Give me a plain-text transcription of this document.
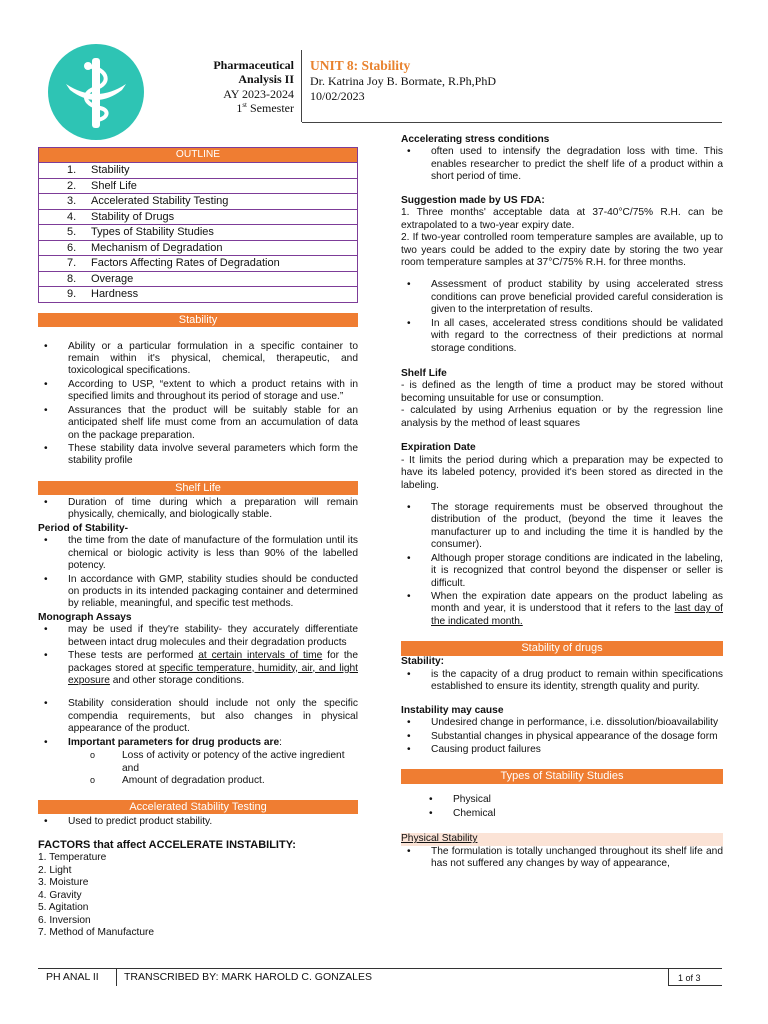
Pharmaceutical
Analysis II
AY 2023-2024
1st Semester
UNIT 8: Stability
Dr. Katrina Joy B. Bormate, R.Ph,PhD
10/02/2023
OUTLINE
1. Stability
2. Shelf Life
3. Accelerated Stability Testing
4. Stability of Drugs
5. Types of Stability Studies
6. Mechanism of Degradation
7. Factors Affecting Rates of Degradation
8. Overage
9. Hardness
Stability
• Ability or a particular formulation in a specific container to remain within it's physical, chemical, therapeutic, and toxicological specifications.
• According to USP, “extent to which a product retains with in specified limits and throughout its period of storage and use.”
• Assurances that the product will be suitably stable for an anticipated shelf life must come from an accumulation of data on the package preparation.
• These stability data involve several parameters which form the stability profile
Shelf Life
• Duration of time during which a preparation will remain physically, chemically, and biologically stable.

Period of Stability-

• the time from the date of manufacture of the formulation until its chemical or biologic activity is less than 90% of the labelled potency.
• In accordance with GMP, stability studies should be conducted on products in its intended packaging container and determined by reliable, meaningful, and specific test methods.

Monograph Assays

• may be used if they're stability- they accurately differentiate between intact drug molecules and their degradation products
• These tests are performed at certain intervals of time for the packages stored at specific temperature, humidity, air, and light exposure and other storage conditions.
• Stability consideration should include not only the specific compendia requirements, but also changes in physical appearance of the product.
• Important parameters for drug products are:
o Loss of activity or potency of the active ingredient and
o Amount of degradation product.
Accelerated Stability Testing
• Used to predict product stability.

FACTORS that affect ACCELERATE INSTABILITY:

1. Temperature

2. Light

3. Moisture

4. Gravity

5. Agitation

6. Inversion

7. Method of Manufacture

Accelerating stress conditions

• often used to intensify the degradation loss with time. This enables researcher to predict the shelf life of a product within a short period of time.

Suggestion made by US FDA:

1. Three months' acceptable data at 37-40°C/75% R.H. can be extrapolated to a two-year expiry date.

2. If two-year controlled room temperature samples are available, up to two years could be added to the expiry date by storing the two year room temperature samples at 37°C/75% R.H. for three months.

• Assessment of product stability by using accelerated stress conditions can prove beneficial provided careful consideration is given to the interpretation of results.
• In all cases, accelerated stress conditions should be validated with regard to the correctness of their predictions at normal storage conditions.

Shelf Life

- is defined as the length of time a product may be stored without becoming unsuitable for use or consumption.

- calculated by using Arrhenius equation or by the regression line analysis by the method of least squares

Expiration Date

- It limits the period during which a preparation may be expected to have its labeled potency, provided it's been stored as directed in the labeling.

• The storage requirements must be observed throughout the distribution of the product, (beyond the time it leaves the manufacturer up to and including the time it is handled by the consumer).
• Although proper storage conditions are indicated in the labeling, it is recognized that control beyond the dispenser or seller is difficult.
• When the expiration date appears on the product labeling as month and year, it is understood that it refers to the last day of the indicated month.
Stability of drugs

Stability:

• is the capacity of a drug product to remain within specifications established to ensure its identity, strength quality and purity.

Instability may cause

• Undesired change in performance, i.e. dissolution/bioavailability
• Substantial changes in physical appearance of the dosage form
• Causing product failures
Types of Stability Studies
• Physical
• Chemical
Physical Stability
• The formulation is totally unchanged throughout its shelf life and has not suffered any changes by way of appearance,
PH ANAL II TRANSCRIBED BY: MARK HAROLD C. GONZALES	1 of 3
